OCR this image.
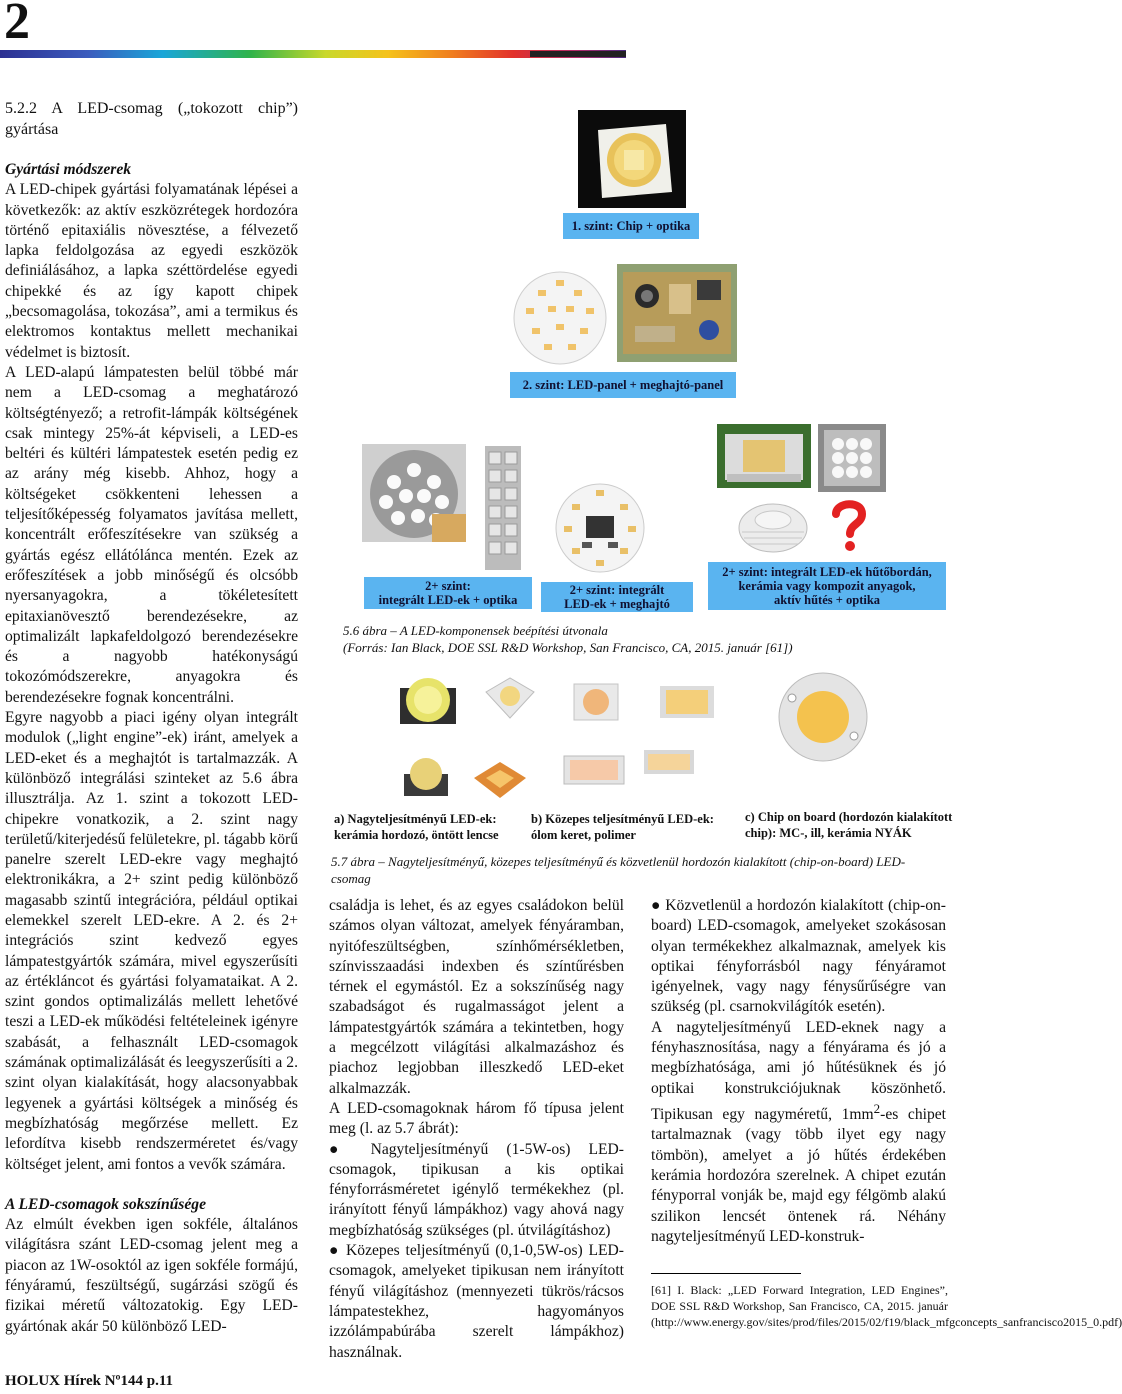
2

5.2.2 A LED-csomag („tokozott chip”) gyártása

Gyártási módszerek

A LED-chipek gyártási folyamatának lépései a következők: az aktív eszközrétegek hordozóra történő epitaxiális növesztése, a félvezető lapka feldolgozása az egyedi eszközök definiálásához, a lapka széttördelése egyedi chipekké és az így kapott chipek „becsomagolása, tokozása”, ami a termikus és elektromos kontaktus mellett mechanikai védelmet is biztosít.

A LED-alapú lámpatesten belül többé már nem a LED-csomag a meghatározó költségtényező; a retrofit-lámpák költségének csak mintegy 25%-át képviseli, a LED-es beltéri és kültéri lámpatestek esetén pedig ez az arány még kisebb. Ahhoz, hogy a költségeket csökkenteni lehessen a teljesítőképesség folyamatos javítása mellett, koncentrált erőfeszítésekre van szükség a gyártás egész ellátólánca mentén. Ezek az erőfeszítések a jobb minőségű és olcsóbb nyersanyagokra, a tökéletesített epitaxianövesztő berendezésekre, az optimalizált lapkafeldolgozó berendezésekre és a nagyobb hatékonyságú tokozómódszerekre, anyagokra és berendezésekre fognak koncentrálni.

Egyre nagyobb a piaci igény olyan integrált modulok („light engine”-ek) iránt, amelyek a LED-eket és a meghajtót is tartalmazzák. A különböző integrálási szinteket az 5.6 ábra illusztrálja. Az 1. szint a tokozott LED-chipekre vonatkozik, a 2. szint nagy területű/kiterjedésű felületekre, pl. tágabb körű panelre szerelt LED-ekre vagy meghajtó elektronikákra, a 2+ szint pedig különböző magasabb szintű integrációra, például optikai elemekkel szerelt LED-ekre. A 2. és 2+ integrációs szint kedvező egyes lámpatestgyártók számára, mivel egyszerűsíti az értékláncot és gyártási folyamataikat. A 2. szint gondos optimalizálás mellett lehetővé teszi a LED-ek működési feltételeinek igényre szabását, a felhasznált LED-csomagok számának optimalizálását és leegyszerűsíti a 2. szint olyan kialakítását, hogy alacsonyabbak legyenek a gyártási költségek a minőség és megbízhatóság megőrzése mellett. Ez lefordítva kisebb rendszerméretet és/vagy költséget jelent, ami fontos a vevők számára.

A LED-csomagok sokszínűsége

Az elmúlt években igen sokféle, általános világításra szánt LED-csomag jelent meg a piacon az 1W-osoktól az igen sokféle formájú, fényáramú, feszültségű, sugárzási szögű és fizikai méretű változatokig. Egy LED-gyártónak akár 50 különböző LED-

1. szint: Chip + optika
2. szint: LED-panel + meghajtó-panel
2+ szint:
integrált LED-ek + optika
2+ szint: integrált
LED-ek + meghajtó
2+ szint: integrált LED-ek hűtőbordán,
kerámia vagy kompozit anyagok,
aktív hűtés + optika
5.6 ábra – A LED-komponensek beépítési útvonala
(Forrás: Ian Black, DOE SSL R&D Workshop, San Francisco, CA, 2015. január [61])
a) Nagyteljesítményű LED-ek:
kerámia hordozó, öntött lencse
b) Közepes teljesítményű LED-ek:
ólom keret, polimer
c) Chip on board (hordozón kialakított chip): MC-, ill, kerámia NYÁK
5.7 ábra – Nagyteljesítményű, közepes teljesítményű és közvetlenül hordozón kialakított (chip-on-board) LED-csomag

családja is lehet, és az egyes családokon belül számos olyan változat, amelyek fényáramban, nyitófeszültségben, színhőmérsékletben, színvisszaadási indexben és színtűrésben térnek el egymástól. Ez a sokszínűség nagy szabadságot és rugalmasságot jelent a lámpatestgyártók számára a tekintetben, hogy a megcélzott világítási alkalmazáshoz és piachoz legjobban illeszkedő LED-eket alkalmazzák.

A LED-csomagoknak három fő típusa jelent meg (l. az 5.7 ábrát):

● Nagyteljesítményű (1-5W-os) LED-csomagok, tipikusan a kis optikai fényforrásméretet igénylő termékekhez (pl. irányított fényű lámpákhoz) vagy ahová nagy megbízhatóság szükséges (pl. útvilágításhoz)

● Közepes teljesítményű (0,1-0,5W-os) LED-csomagok, amelyeket tipikusan nem irányított fényű világításhoz (mennyezeti tükrös/rácsos lámpatestekhez, hagyományos izzólámpabúrába szerelt lámpákhoz) használnak.

● Közvetlenül a hordozón kialakított (chip-on-board) LED-csomagok, amelyeket szokásosan olyan termékekhez alkalmaznak, amelyek kis optikai fényforrásból nagy fényáramot igényelnek, vagy nagy fénysűrűségre van szükség (pl. csarnokvilágítók esetén).

A nagyteljesítményű LED-eknek nagy a fényhasznosítása, nagy a fényárama és jó a megbízhatósága, ami jó hűtésüknek és jó optikai konstrukciójuknak köszönhető. Tipikusan egy nagyméretű, $1mm^2-es$ chipet tartalmaznak (vagy több ilyet egy nagy tömbön), amelyet a jó hűtés érdekében kerámia hordozóra szerelnek. A chipet ezután fényporral vonják be, majd egy félgömb alakú szilikon lencsét öntenek rá. Néhány nagyteljesítményű LED-konstruk-

[61] I. Black: „LED Forward Integration, LED Engines”, DOE SSL R&D Workshop, San Francisco, CA, 2015. január (http://www.energy.gov/sites/prod/files/2015/02/f19/black_mfgconcepts_sanfrancisco2015_0.pdf)
HOLUX Hírek Nº144 p.11
